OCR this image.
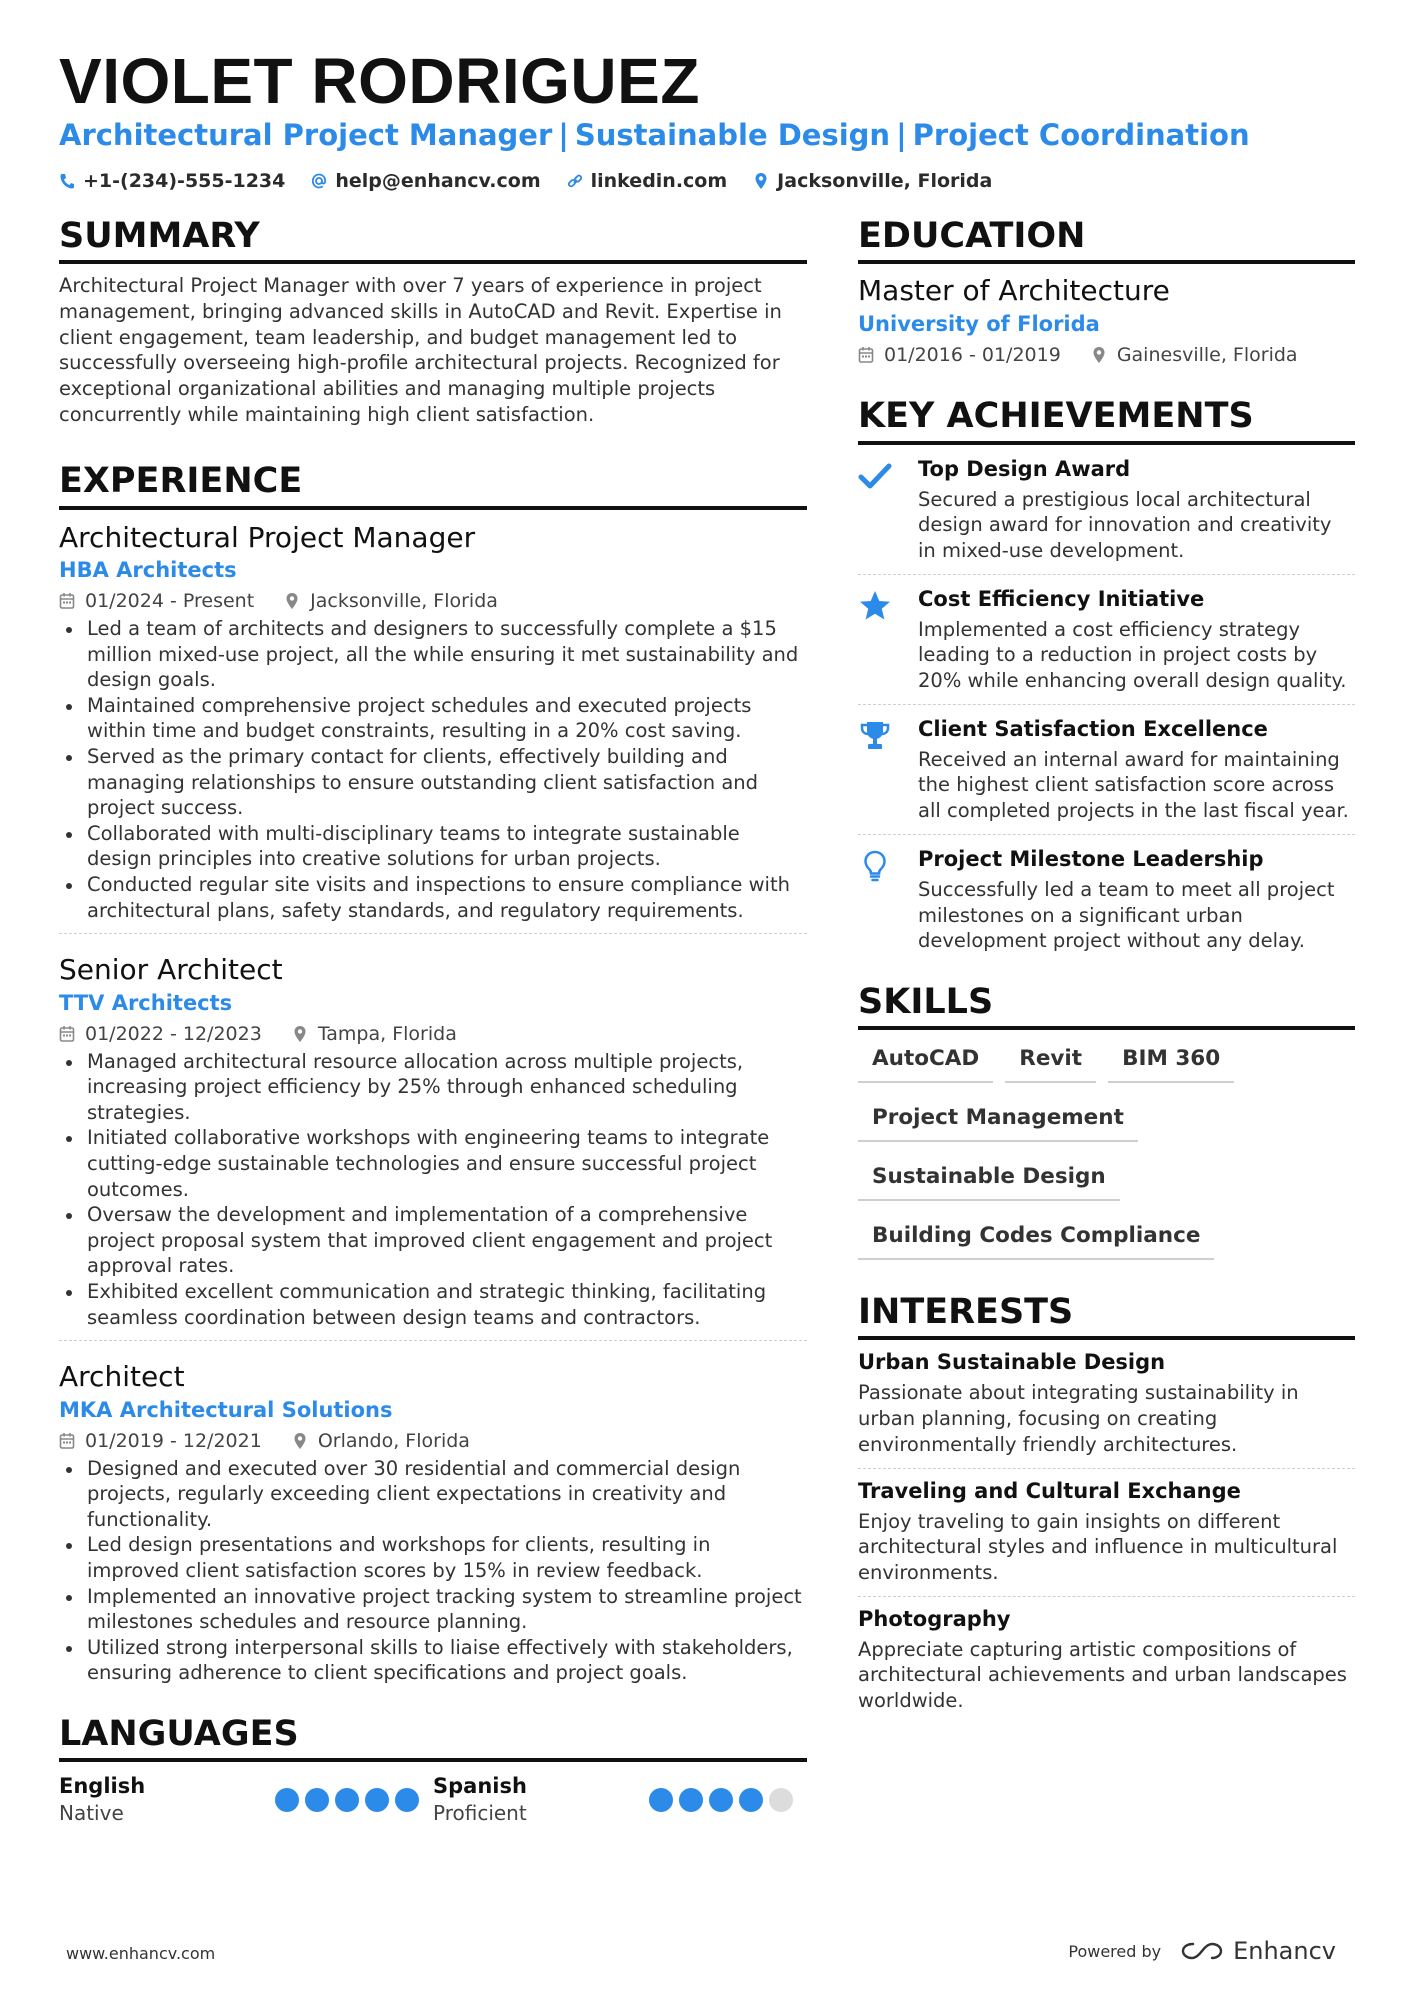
VIOLET RODRIGUEZ
Architectural Project Manager | Sustainable Design | Project Coordination
+1-(234)-555-1234	help@enhancv.com	linkedin.com	Jacksonville, Florida
SUMMARY
Architectural Project Manager with over 7 years of experience in project management, bringing advanced skills in AutoCAD and Revit. Expertise in client engagement, team leadership, and budget management led to successfully overseeing high-profile architectural projects. Recognized for exceptional organizational abilities and managing multiple projects concurrently while maintaining high client satisfaction.
EXPERIENCE
Architectural Project Manager
HBA Architects
01/2024 - Present	Jacksonville, Florida
Led a team of architects and designers to successfully complete a $15 million mixed-use project, all the while ensuring it met sustainability and design goals.
Maintained comprehensive project schedules and executed projects within time and budget constraints, resulting in a 20% cost saving.
Served as the primary contact for clients, effectively building and managing relationships to ensure outstanding client satisfaction and project success.
Collaborated with multi-disciplinary teams to integrate sustainable design principles into creative solutions for urban projects.
Conducted regular site visits and inspections to ensure compliance with architectural plans, safety standards, and regulatory requirements.
Senior Architect
TTV Architects
01/2022 - 12/2023	Tampa, Florida
Managed architectural resource allocation across multiple projects, increasing project efficiency by 25% through enhanced scheduling strategies.
Initiated collaborative workshops with engineering teams to integrate cutting-edge sustainable technologies and ensure successful project outcomes.
Oversaw the development and implementation of a comprehensive project proposal system that improved client engagement and project approval rates.
Exhibited excellent communication and strategic thinking, facilitating seamless coordination between design teams and contractors.
Architect
MKA Architectural Solutions
01/2019 - 12/2021	Orlando, Florida
Designed and executed over 30 residential and commercial design projects, regularly exceeding client expectations in creativity and functionality.
Led design presentations and workshops for clients, resulting in improved client satisfaction scores by 15% in review feedback.
Implemented an innovative project tracking system to streamline project milestones schedules and resource planning.
Utilized strong interpersonal skills to liaise effectively with stakeholders, ensuring adherence to client specifications and project goals.
LANGUAGES
English
Native
Spanish
Proficient
EDUCATION
Master of Architecture
University of Florida
01/2016 - 01/2019	Gainesville, Florida
KEY ACHIEVEMENTS
Top Design Award
Secured a prestigious local architectural design award for innovation and creativity in mixed-use development.
Cost Efficiency Initiative
Implemented a cost efficiency strategy leading to a reduction in project costs by 20% while enhancing overall design quality.
Client Satisfaction Excellence
Received an internal award for maintaining the highest client satisfaction score across all completed projects in the last fiscal year.
Project Milestone Leadership
Successfully led a team to meet all project milestones on a significant urban development project without any delay.
SKILLS
AutoCAD	Revit	BIM 360
Project Management
Sustainable Design
Building Codes Compliance
INTERESTS
Urban Sustainable Design
Passionate about integrating sustainability in urban planning, focusing on creating environmentally friendly architectures.
Traveling and Cultural Exchange
Enjoy traveling to gain insights on different architectural styles and influence in multicultural environments.
Photography
Appreciate capturing artistic compositions of architectural achievements and urban landscapes worldwide.
www.enhancv.com	Powered by	Enhancv
